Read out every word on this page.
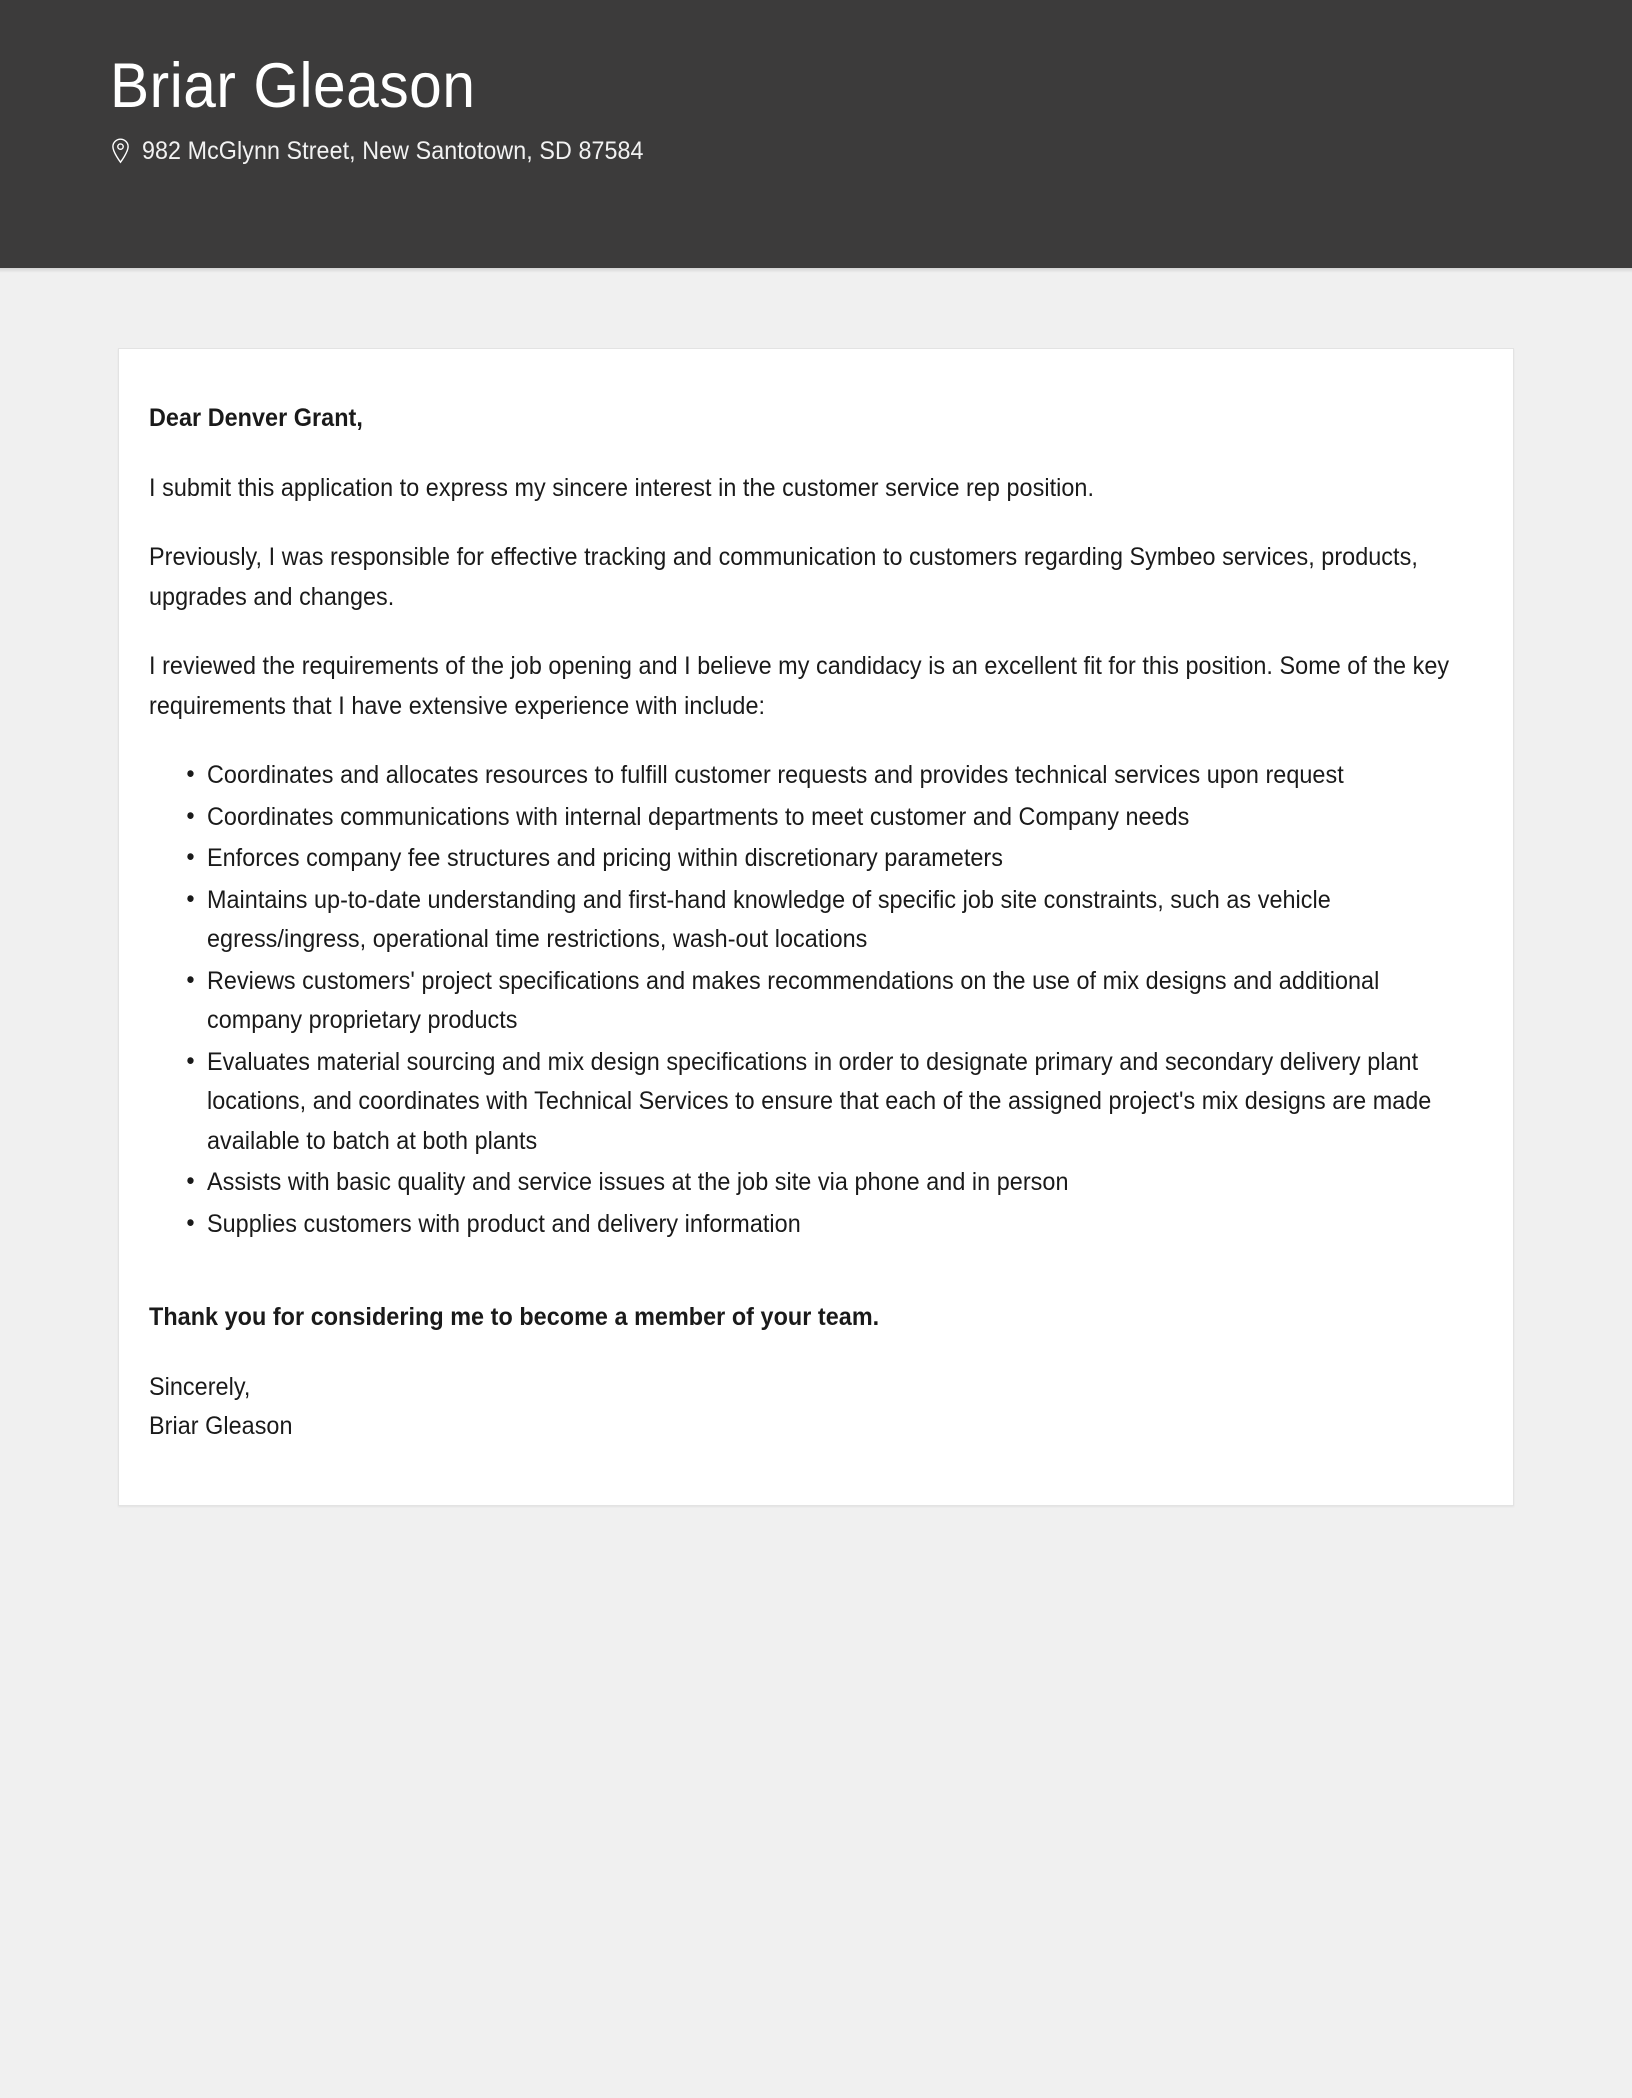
Briar Gleason
982 McGlynn Street, New Santotown, SD 87584

Dear Denver Grant,

I submit this application to express my sincere interest in the customer service rep position.

Previously, I was responsible for effective tracking and communication to customers regarding Symbeo services, products, upgrades and changes.

I reviewed the requirements of the job opening and I believe my candidacy is an excellent fit for this position. Some of the key requirements that I have extensive experience with include:

• Coordinates and allocates resources to fulfill customer requests and provides technical services upon request
• Coordinates communications with internal departments to meet customer and Company needs
• Enforces company fee structures and pricing within discretionary parameters
• Maintains up-to-date understanding and first-hand knowledge of specific job site constraints, such as vehicle egress/ingress, operational time restrictions, wash-out locations
• Reviews customers' project specifications and makes recommendations on the use of mix designs and additional company proprietary products
• Evaluates material sourcing and mix design specifications in order to designate primary and secondary delivery plant locations, and coordinates with Technical Services to ensure that each of the assigned project's mix designs are made available to batch at both plants
• Assists with basic quality and service issues at the job site via phone and in person
• Supplies customers with product and delivery information

Thank you for considering me to become a member of your team.

Sincerely,
Briar Gleason
